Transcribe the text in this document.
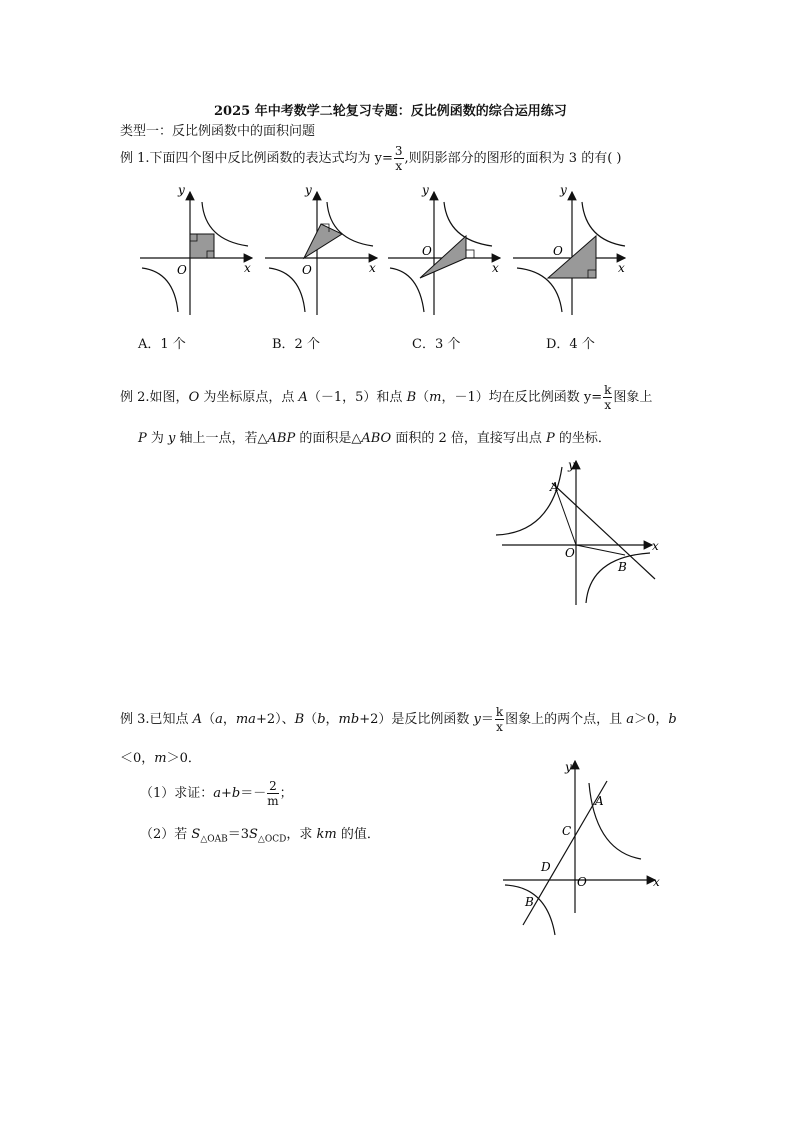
2025 年中考数学二轮复习专题：反比例函数的综合运用练习
类型一：反比例函数中的面积问题
例 1.下面四个图中反比例函数的表达式均为 $y= \frac{3}{x}$ ,则阴影部分的图形的面积为 3 的有( )
O
y
x	O
y
x
O
y
x
O
y
x
A．1 个	B．2 个	C．3 个	D．4 个
例 2.如图，O 为坐标原点，点 A（－1，5）和点 B（m，－1）均在反比例函数 $y= \frac{k}{x}$ 图象上
P 为 y 轴上一点，若△ABP 的面积是△ABO 面积的 2 倍，直接写出点 P 的坐标．
A
O
B
x
y
例 3.已知点 A（a，ma+2）、B（b，mb+2）是反比例函数 $y= \frac{k}{x}$ 图象上的两个点，且 a＞0，b
＜0，m＞0．
（1）求证：$a+b=- \frac{2}{m}$ ；
（2）若 $S_{\triangle OAB}=3S_{\triangle OCD}$，求 km 的值．
y
A
C
D
O
B
x
